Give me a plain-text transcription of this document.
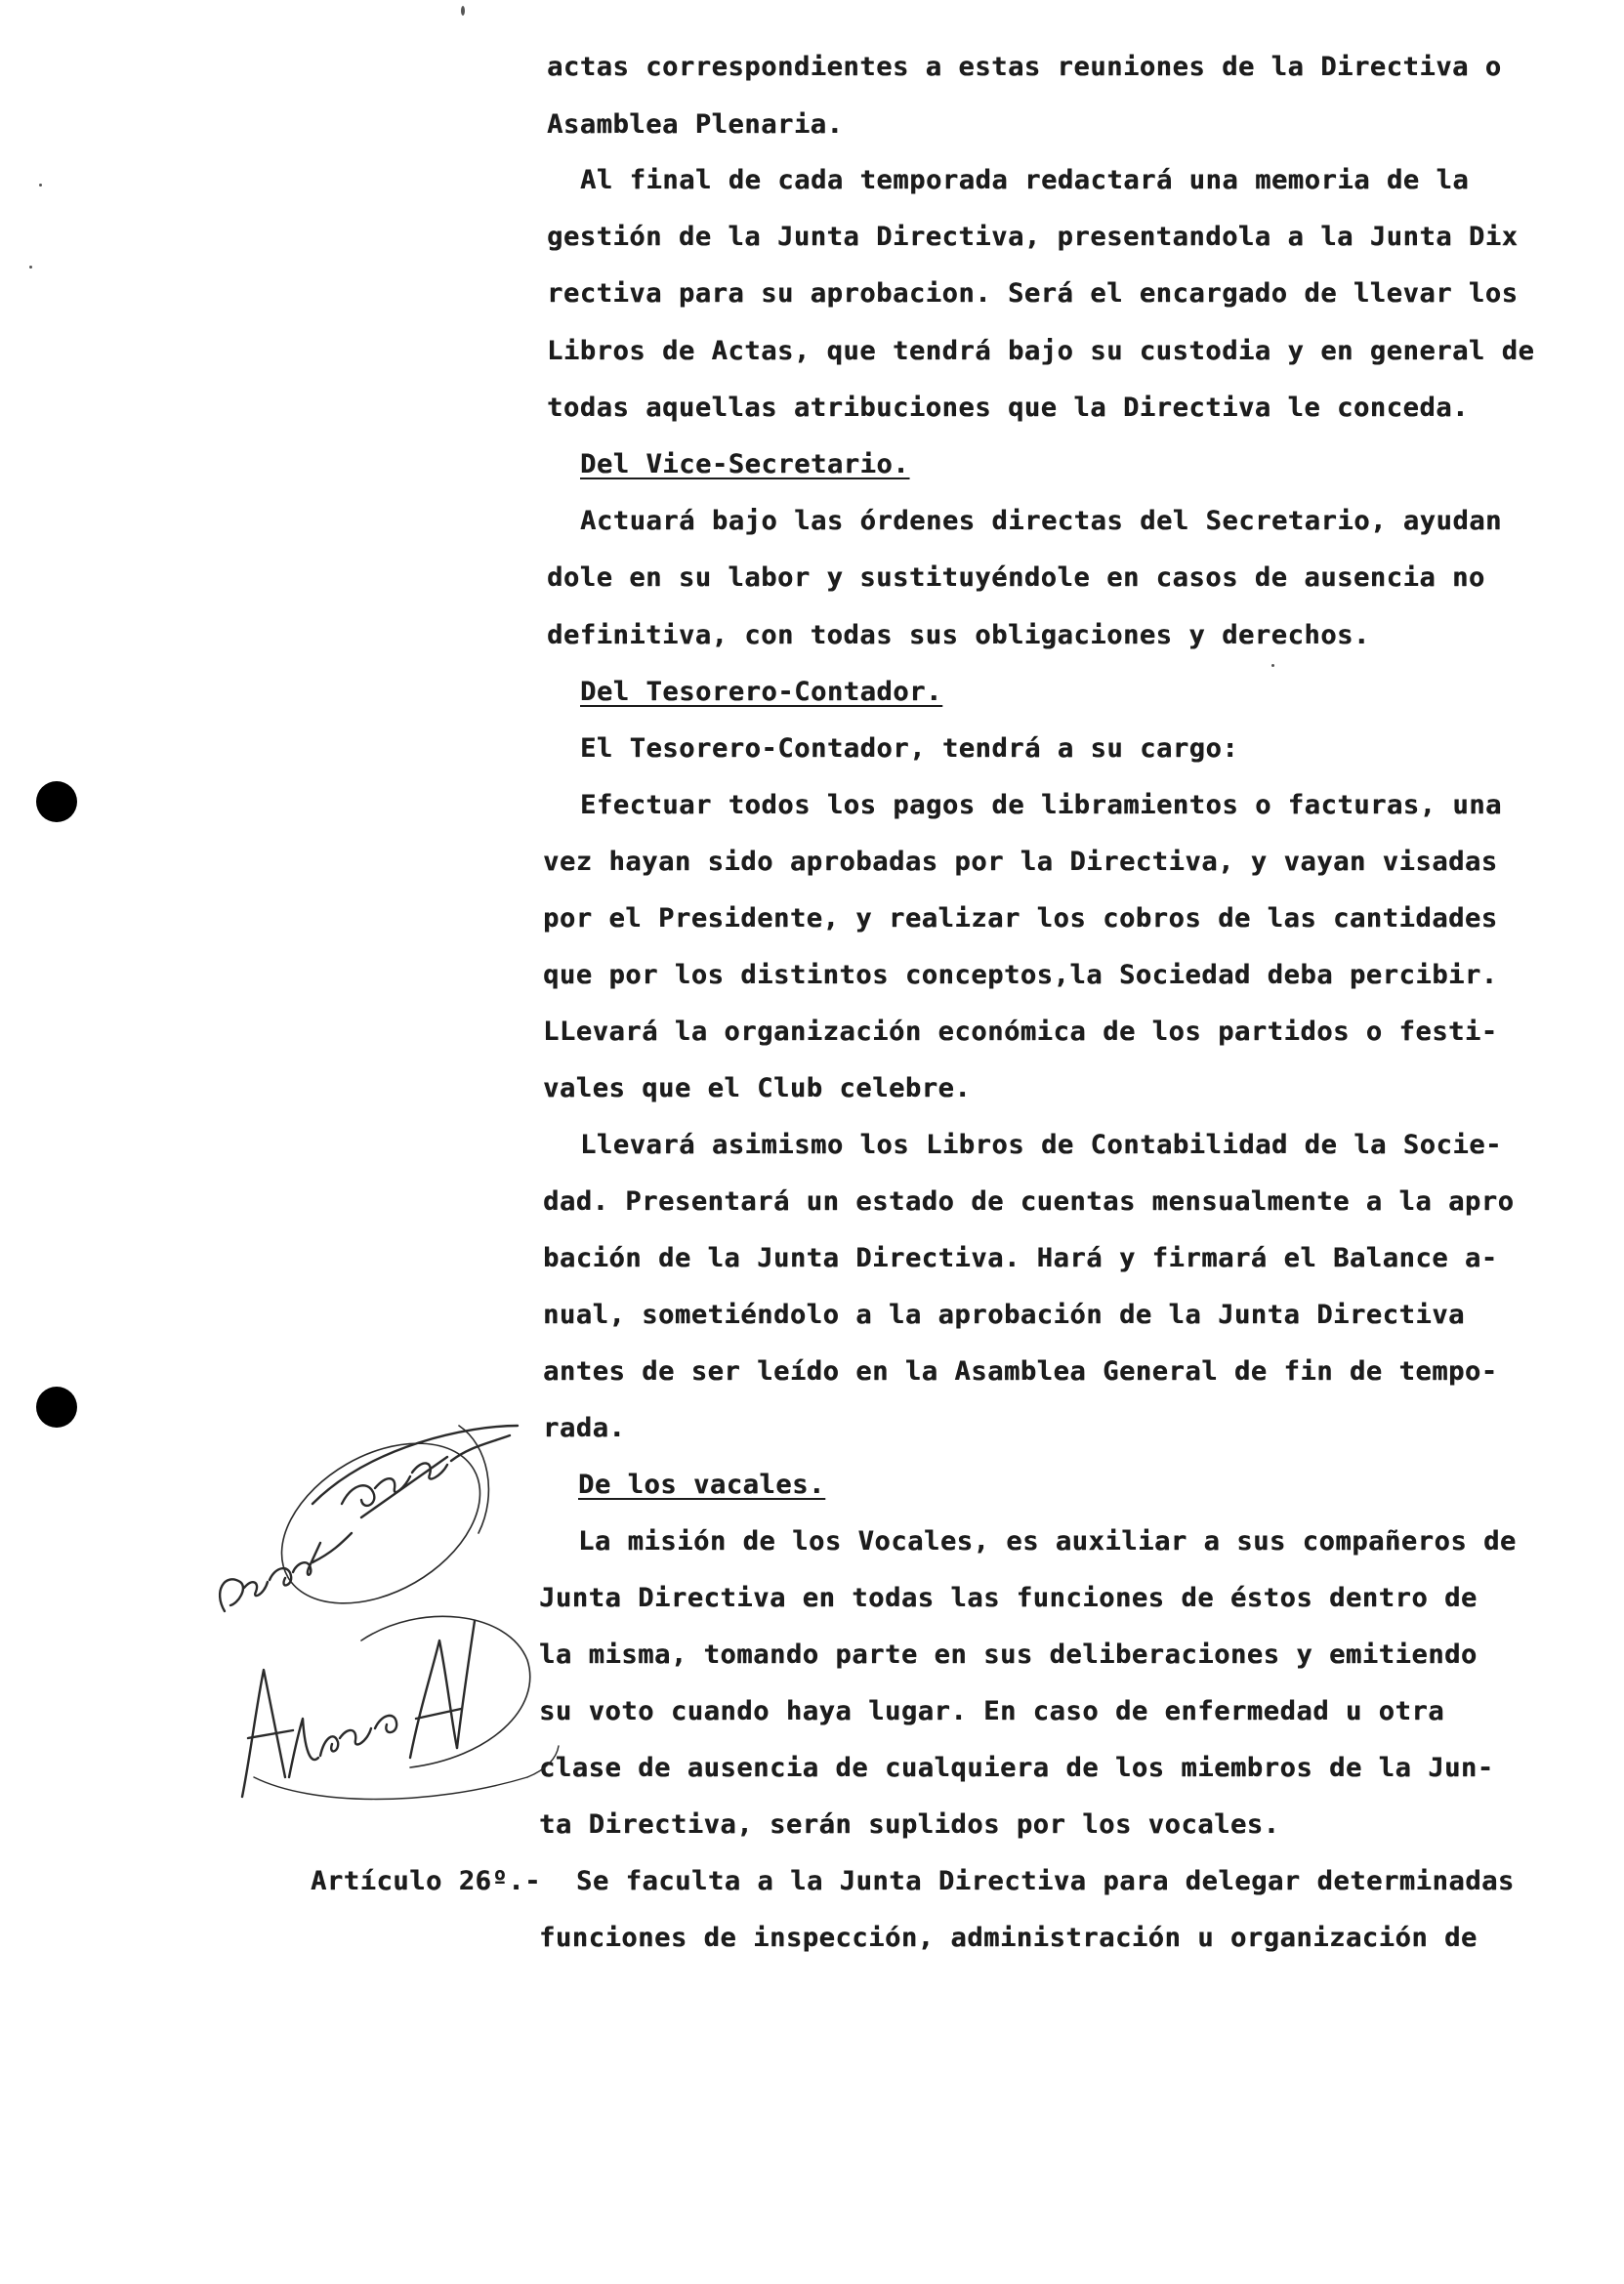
actas correspondientes a estas reuniones de la Directiva o
Asamblea Plenaria.
Al final de cada temporada redactará una memoria de la
gestión de la Junta Directiva, presentandola a la Junta Dix
rectiva para su aprobacion. Será el encargado de llevar los
Libros de Actas, que tendrá bajo su custodia y en general de
todas aquellas atribuciones que la Directiva le conceda.
Del Vice-Secretario.
Actuará bajo las órdenes directas del Secretario, ayudan
dole en su labor y sustituyéndole en casos de ausencia no
definitiva, con todas sus obligaciones y derechos.
Del Tesorero-Contador.
El Tesorero-Contador, tendrá a su cargo:
Efectuar todos los pagos de libramientos o facturas, una
vez hayan sido aprobadas por la Directiva, y vayan visadas
por el Presidente, y realizar los cobros de las cantidades
que por los distintos conceptos,la Sociedad deba percibir.
LLevará la organización económica de los partidos o festi-
vales que el Club celebre.
Llevará asimismo los Libros de Contabilidad de la Socie-
dad. Presentará un estado de cuentas mensualmente a la apro
bación de la Junta Directiva. Hará y firmará el Balance a-
nual, sometiéndolo a la aprobación de la Junta Directiva
antes de ser leído en la Asamblea General de fin de tempo-
rada.
De los vacales.
La misión de los Vocales, es auxiliar a sus compañeros de
Junta Directiva en todas las funciones de éstos dentro de
la misma, tomando parte en sus deliberaciones y emitiendo
su voto cuando haya lugar. En caso de enfermedad u otra
clase de ausencia de cualquiera de los miembros de la Jun-
ta Directiva, serán suplidos por los vocales.
Artículo 26º.- Se faculta a la Junta Directiva para delegar determinadas
funciones de inspección, administración u organización de
